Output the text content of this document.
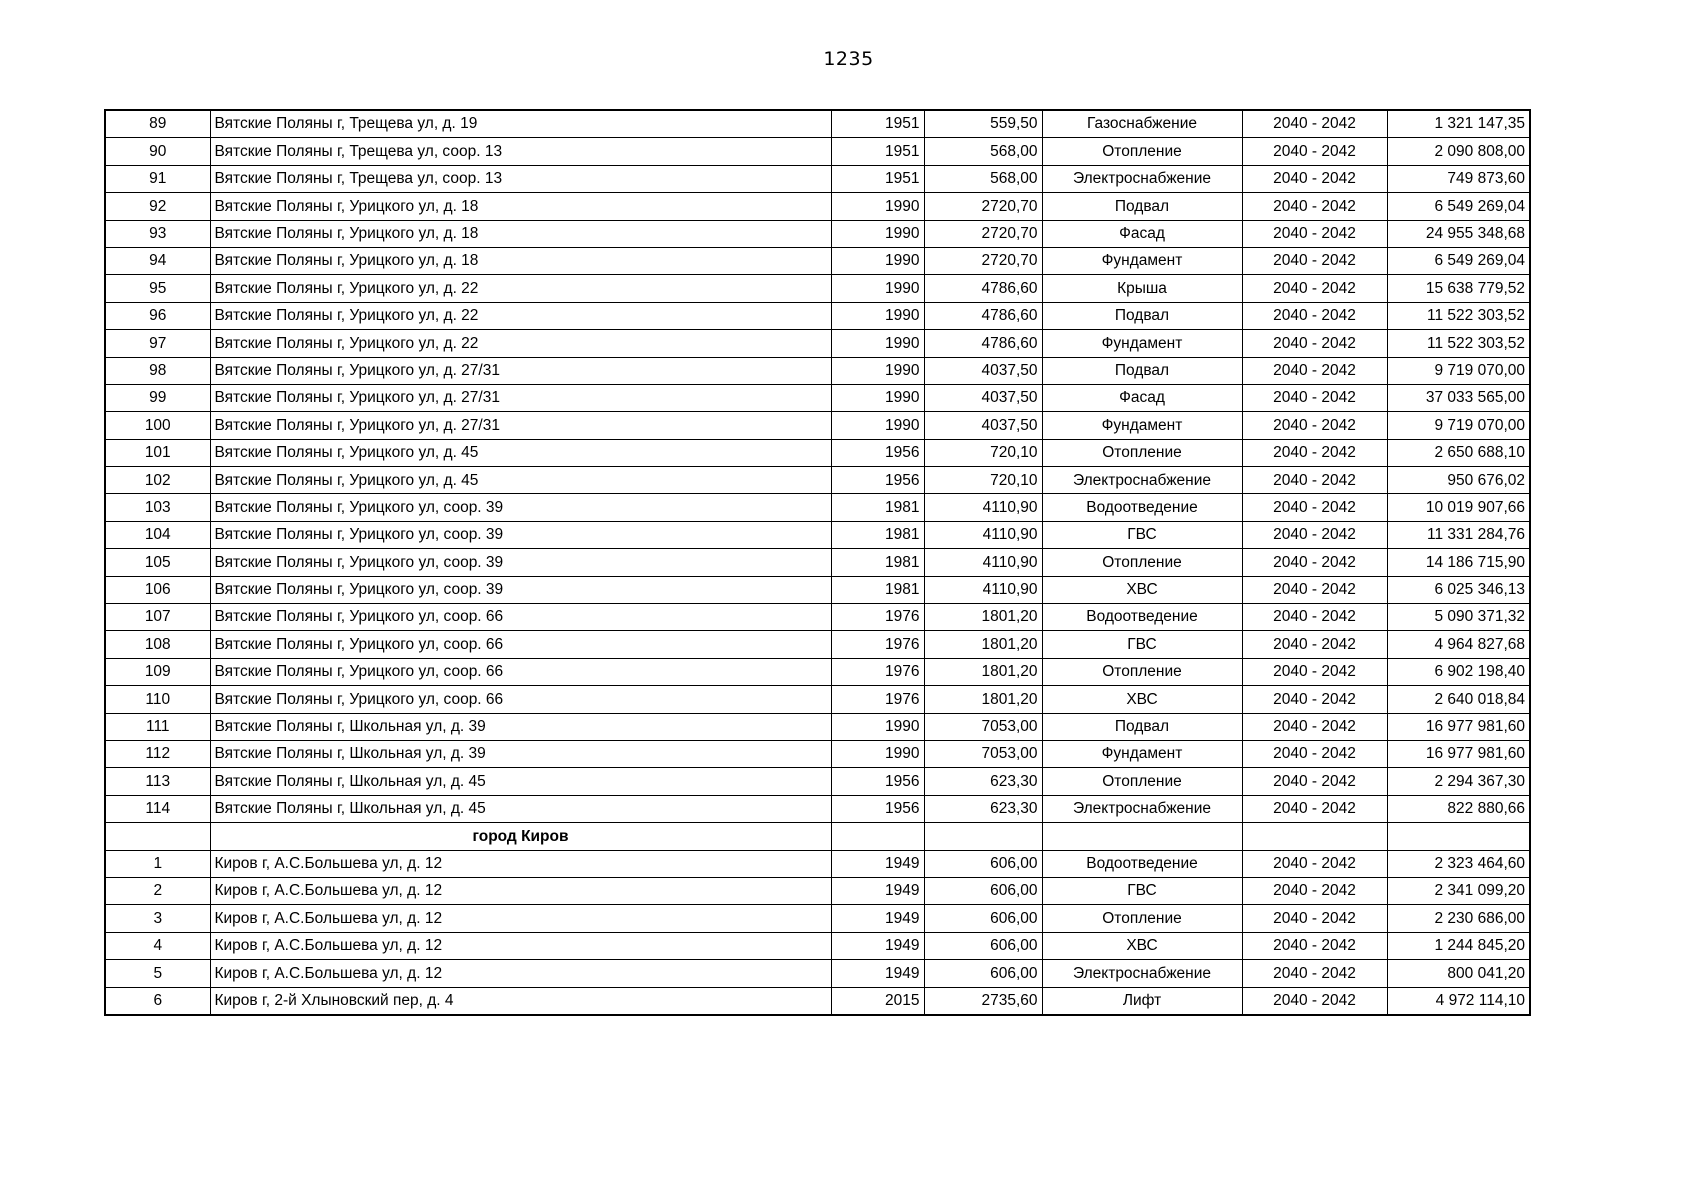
1235
89	Вятские Поляны г, Трещева ул, д. 19	1951	559,50	Газоснабжение	2040 - 2042	1 321 147,35
90	Вятские Поляны г, Трещева ул, соор. 13	1951	568,00	Отопление	2040 - 2042	2 090 808,00
91	Вятские Поляны г, Трещева ул, соор. 13	1951	568,00	Электроснабжение	2040 - 2042	749 873,60
92	Вятские Поляны г, Урицкого ул, д. 18	1990	2720,70	Подвал	2040 - 2042	6 549 269,04
93	Вятские Поляны г, Урицкого ул, д. 18	1990	2720,70	Фасад	2040 - 2042	24 955 348,68
94	Вятские Поляны г, Урицкого ул, д. 18	1990	2720,70	Фундамент	2040 - 2042	6 549 269,04
95	Вятские Поляны г, Урицкого ул, д. 22	1990	4786,60	Крыша	2040 - 2042	15 638 779,52
96	Вятские Поляны г, Урицкого ул, д. 22	1990	4786,60	Подвал	2040 - 2042	11 522 303,52
97	Вятские Поляны г, Урицкого ул, д. 22	1990	4786,60	Фундамент	2040 - 2042	11 522 303,52
98	Вятские Поляны г, Урицкого ул, д. 27/31	1990	4037,50	Подвал	2040 - 2042	9 719 070,00
99	Вятские Поляны г, Урицкого ул, д. 27/31	1990	4037,50	Фасад	2040 - 2042	37 033 565,00
100	Вятские Поляны г, Урицкого ул, д. 27/31	1990	4037,50	Фундамент	2040 - 2042	9 719 070,00
101	Вятские Поляны г, Урицкого ул, д. 45	1956	720,10	Отопление	2040 - 2042	2 650 688,10
102	Вятские Поляны г, Урицкого ул, д. 45	1956	720,10	Электроснабжение	2040 - 2042	950 676,02
103	Вятские Поляны г, Урицкого ул, соор. 39	1981	4110,90	Водоотведение	2040 - 2042	10 019 907,66
104	Вятские Поляны г, Урицкого ул, соор. 39	1981	4110,90	ГВС	2040 - 2042	11 331 284,76
105	Вятские Поляны г, Урицкого ул, соор. 39	1981	4110,90	Отопление	2040 - 2042	14 186 715,90
106	Вятские Поляны г, Урицкого ул, соор. 39	1981	4110,90	ХВС	2040 - 2042	6 025 346,13
107	Вятские Поляны г, Урицкого ул, соор. 66	1976	1801,20	Водоотведение	2040 - 2042	5 090 371,32
108	Вятские Поляны г, Урицкого ул, соор. 66	1976	1801,20	ГВС	2040 - 2042	4 964 827,68
109	Вятские Поляны г, Урицкого ул, соор. 66	1976	1801,20	Отопление	2040 - 2042	6 902 198,40
110	Вятские Поляны г, Урицкого ул, соор. 66	1976	1801,20	ХВС	2040 - 2042	2 640 018,84
111	Вятские Поляны г, Школьная ул, д. 39	1990	7053,00	Подвал	2040 - 2042	16 977 981,60
112	Вятские Поляны г, Школьная ул, д. 39	1990	7053,00	Фундамент	2040 - 2042	16 977 981,60
113	Вятские Поляны г, Школьная ул, д. 45	1956	623,30	Отопление	2040 - 2042	2 294 367,30
114	Вятские Поляны г, Школьная ул, д. 45	1956	623,30	Электроснабжение	2040 - 2042	822 880,66
	город Киров					
1	Киров г, А.С.Большева ул, д. 12	1949	606,00	Водоотведение	2040 - 2042	2 323 464,60
2	Киров г, А.С.Большева ул, д. 12	1949	606,00	ГВС	2040 - 2042	2 341 099,20
3	Киров г, А.С.Большева ул, д. 12	1949	606,00	Отопление	2040 - 2042	2 230 686,00
4	Киров г, А.С.Большева ул, д. 12	1949	606,00	ХВС	2040 - 2042	1 244 845,20
5	Киров г, А.С.Большева ул, д. 12	1949	606,00	Электроснабжение	2040 - 2042	800 041,20
6	Киров г, 2-й Хлыновский пер, д. 4	2015	2735,60	Лифт	2040 - 2042	4 972 114,10
